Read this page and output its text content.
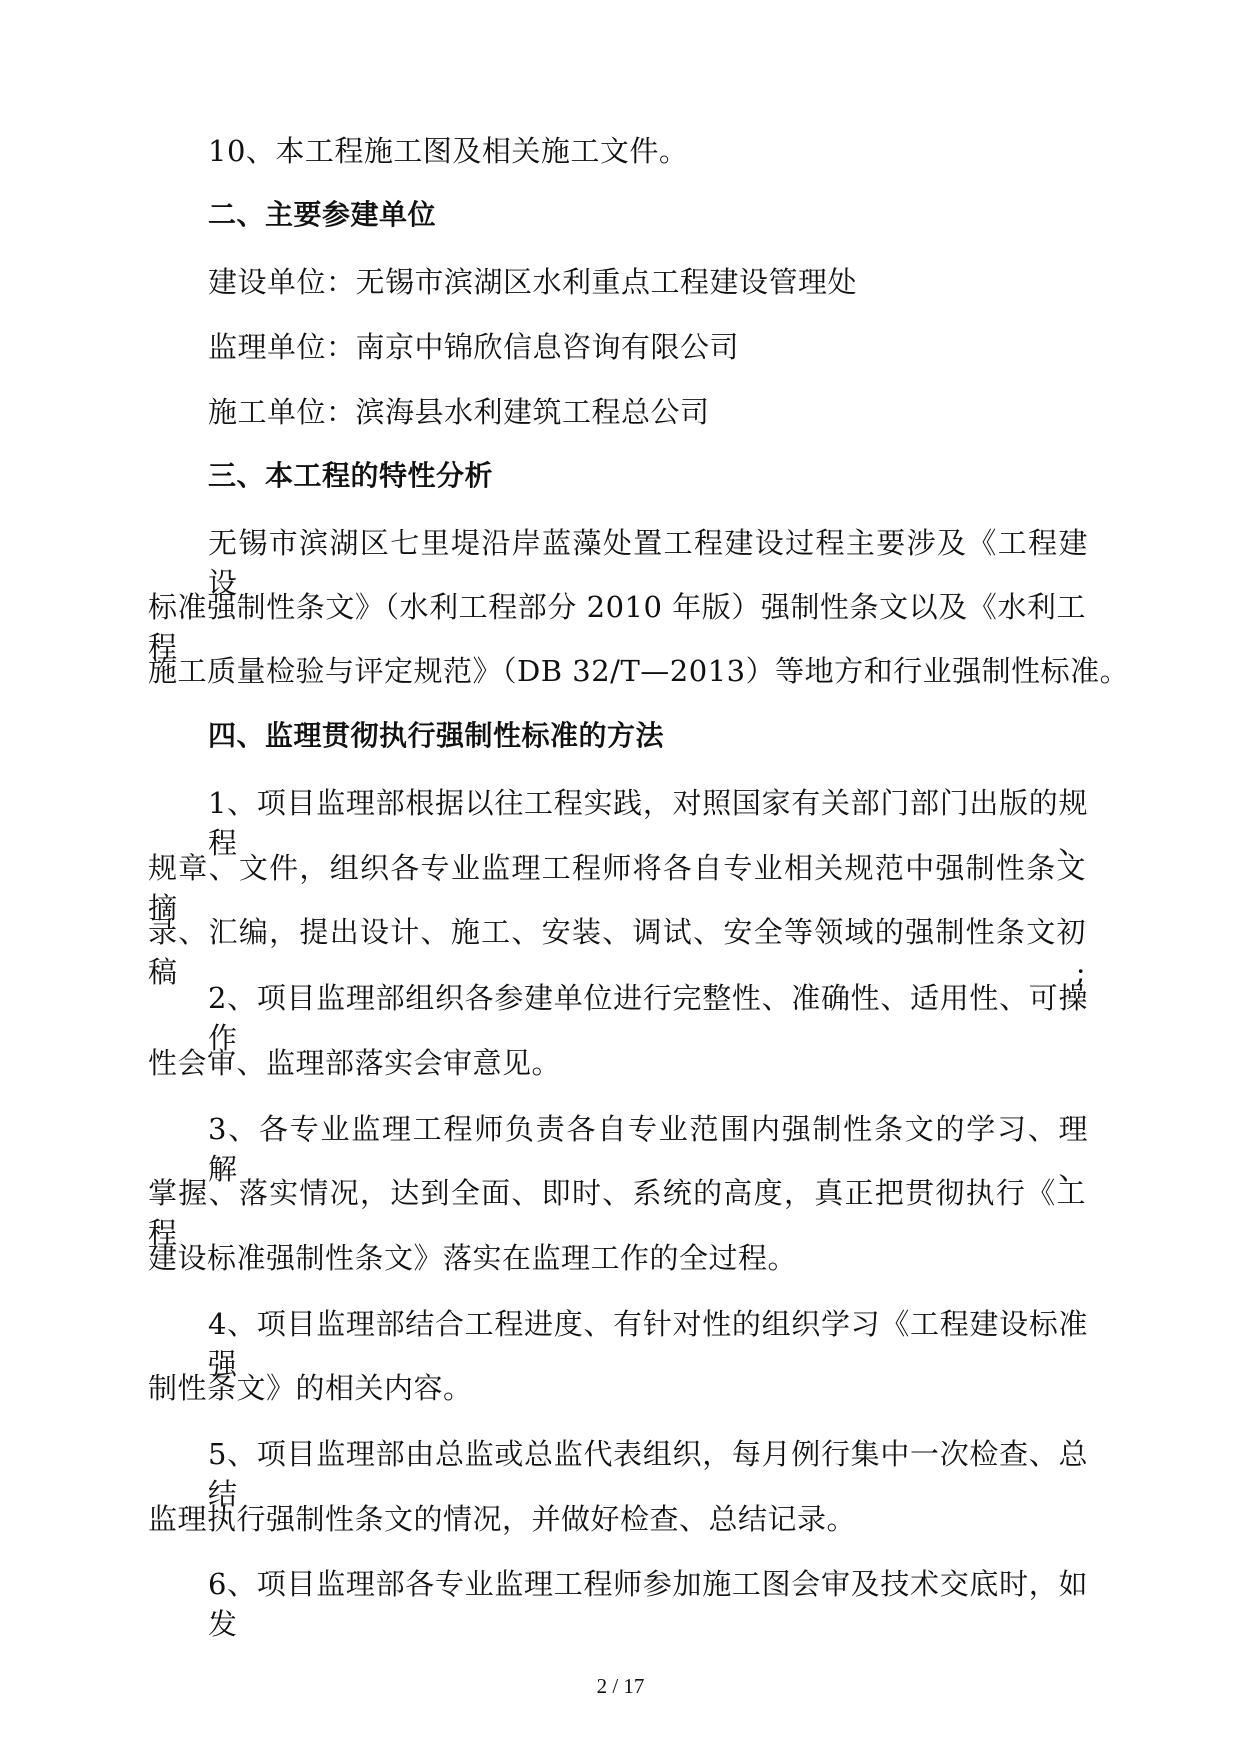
10、本工程施工图及相关施工文件。
二、主要参建单位
建设单位：无锡市滨湖区水利重点工程建设管理处
监理单位：南京中锦欣信息咨询有限公司
施工单位：滨海县水利建筑工程总公司
三、本工程的特性分析
无锡市滨湖区七里堤沿岸蓝藻处置工程建设过程主要涉及《工程建设
标准强制性条文》（水利工程部分 2010 年版）强制性条文以及《水利工程
施工质量检验与评定规范》（DB 32/T—2013）等地方和行业强制性标准。
四、监理贯彻执行强制性标准的方法
1、项目监理部根据以往工程实践，对照国家有关部门部门出版的规程、
规章、文件，组织各专业监理工程师将各自专业相关规范中强制性条文摘
录、汇编，提出设计、施工、安装、调试、安全等领域的强制性条文初稿;
2、项目监理部组织各参建单位进行完整性、准确性、适用性、可操作
性会审、监理部落实会审意见。
3、各专业监理工程师负责各自专业范围内强制性条文的学习、理解、
掌握、落实情况，达到全面、即时、系统的高度，真正把贯彻执行《工程
建设标准强制性条文》落实在监理工作的全过程。
4、项目监理部结合工程进度、有针对性的组织学习《工程建设标准强
制性条文》的相关内容。
5、项目监理部由总监或总监代表组织，每月例行集中一次检查、总结
监理执行强制性条文的情况，并做好检查、总结记录。
6、项目监理部各专业监理工程师参加施工图会审及技术交底时，如发
2 / 17
